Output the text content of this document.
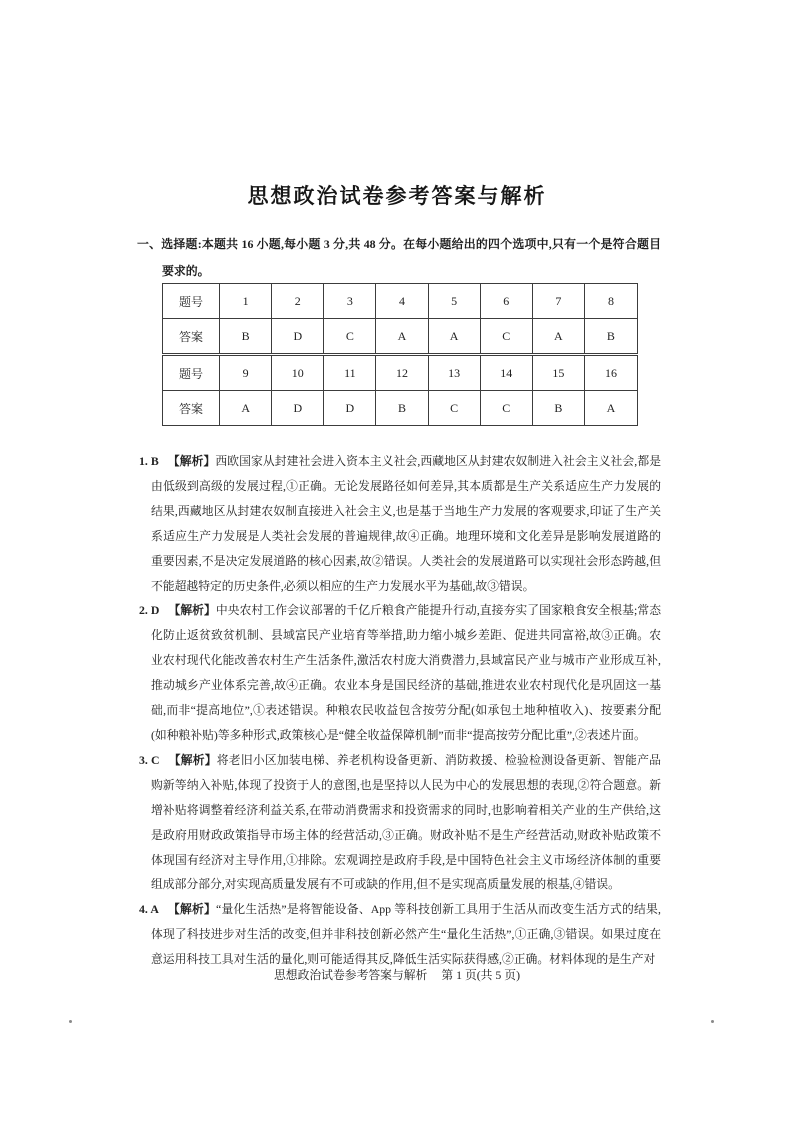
思想政治试卷参考答案与解析
一、选择题:本题共 16 小题,每小题 3 分,共 48 分。在每小题给出的四个选项中,只有一个是符合题目要求的。
题号	1	2	3	4	5	6	7	8
答案	B	D	C	A	A	C	A	B
题号	9	10	11	12	13	14	15	16
答案	A	D	D	B	C	C	B	A

1. B 【解析】西欧国家从封建社会进入资本主义社会,西藏地区从封建农奴制进入社会主义社会,都是由低级到高级的发展过程,①正确。无论发展路径如何差异,其本质都是生产关系适应生产力发展的结果,西藏地区从封建农奴制直接进入社会主义,也是基于当地生产力发展的客观要求,印证了生产关系适应生产力发展是人类社会发展的普遍规律,故④正确。地理环境和文化差异是影响发展道路的重要因素,不是决定发展道路的核心因素,故②错误。人类社会的发展道路可以实现社会形态跨越,但不能超越特定的历史条件,必须以相应的生产力发展水平为基础,故③错误。

2. D 【解析】中央农村工作会议部署的千亿斤粮食产能提升行动,直接夯实了国家粮食安全根基;常态化防止返贫致贫机制、县域富民产业培育等举措,助力缩小城乡差距、促进共同富裕,故③正确。农业农村现代化能改善农村生产生活条件,激活农村庞大消费潜力,县域富民产业与城市产业形成互补,推动城乡产业体系完善,故④正确。农业本身是国民经济的基础,推进农业农村现代化是巩固这一基础,而非“提高地位”,①表述错误。种粮农民收益包含按劳分配(如承包土地种植收入)、按要素分配(如种粮补贴)等多种形式,政策核心是“健全收益保障机制”而非“提高按劳分配比重”,②表述片面。

3. C 【解析】将老旧小区加装电梯、养老机构设备更新、消防救援、检验检测设备更新、智能产品购新等纳入补贴,体现了投资于人的意图,也是坚持以人民为中心的发展思想的表现,②符合题意。新增补贴将调整着经济利益关系,在带动消费需求和投资需求的同时,也影响着相关产业的生产供给,这是政府用财政政策指导市场主体的经营活动,③正确。财政补贴不是生产经营活动,财政补贴政策不体现国有经济对主导作用,①排除。宏观调控是政府手段,是中国特色社会主义市场经济体制的重要组成部分部分,对实现高质量发展有不可或缺的作用,但不是实现高质量发展的根基,④错误。

4. A 【解析】“量化生活热”是将智能设备、App 等科技创新工具用于生活从而改变生活方式的结果,体现了科技进步对生活的改变,但并非科技创新必然产生“量化生活热”,①正确,③错误。如果过度在意运用科技工具对生活的量化,则可能适得其反,降低生活实际获得感,②正确。材料体现的是生产对

思想政治试卷参考答案与解析 第 1 页(共 5 页)
